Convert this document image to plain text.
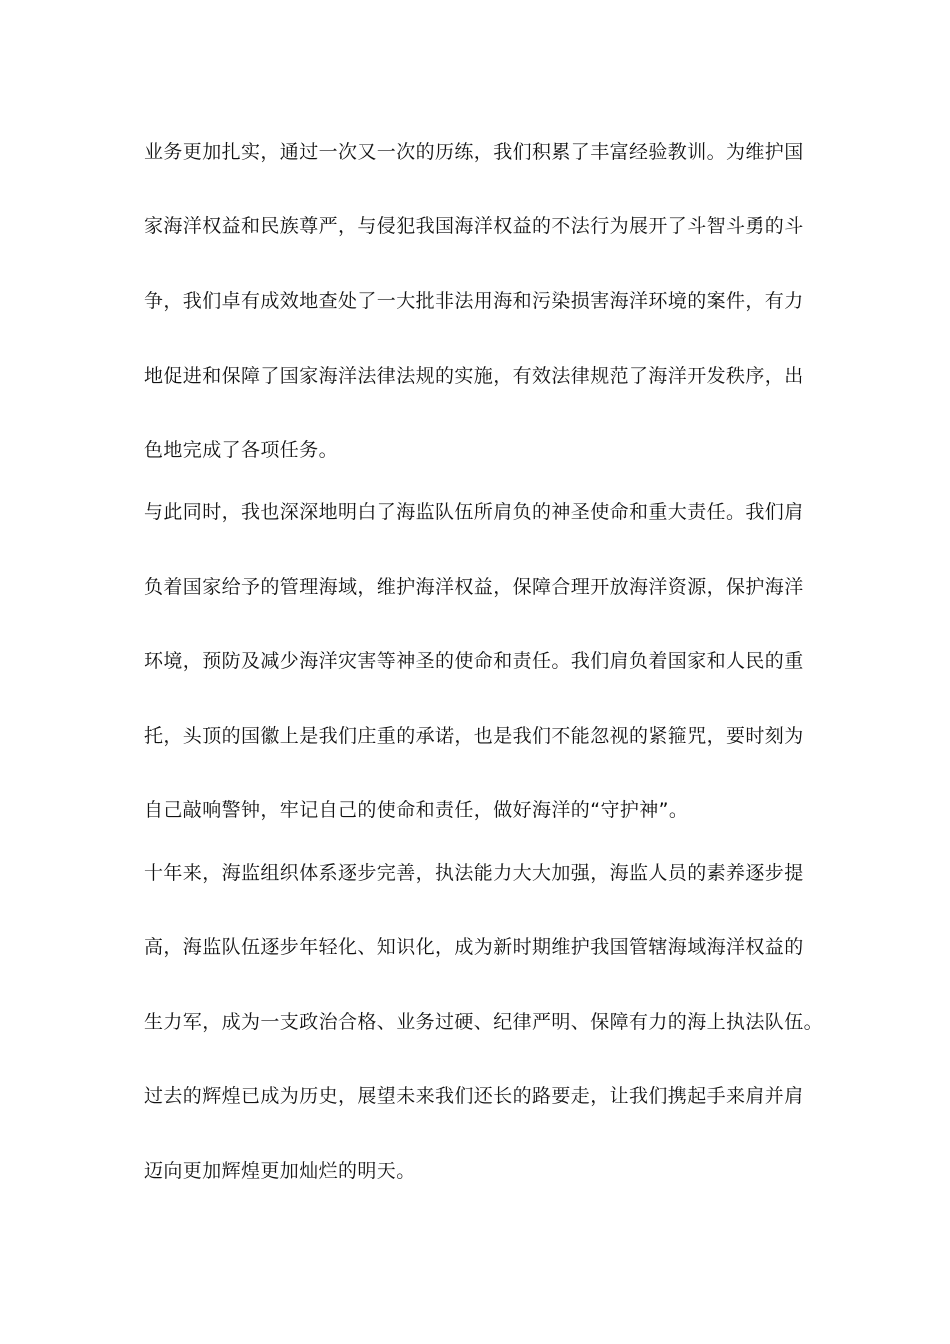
业务更加扎实，通过一次又一次的历练，我们积累了丰富经验教训。为维护国
家海洋权益和民族尊严，与侵犯我国海洋权益的不法行为展开了斗智斗勇的斗
争，我们卓有成效地查处了一大批非法用海和污染损害海洋环境的案件，有力
地促进和保障了国家海洋法律法规的实施，有效法律规范了海洋开发秩序，出
色地完成了各项任务。
与此同时，我也深深地明白了海监队伍所肩负的神圣使命和重大责任。我们肩
负着国家给予的管理海域，维护海洋权益，保障合理开放海洋资源，保护海洋
环境，预防及减少海洋灾害等神圣的使命和责任。我们肩负着国家和人民的重
托，头顶的国徽上是我们庄重的承诺，也是我们不能忽视的紧箍咒，要时刻为
自己敲响警钟，牢记自己的使命和责任，做好海洋的“守护神”。
十年来，海监组织体系逐步完善，执法能力大大加强，海监人员的素养逐步提
高，海监队伍逐步年轻化、知识化，成为新时期维护我国管辖海域海洋权益的
生力军，成为一支政治合格、业务过硬、纪律严明、保障有力的海上执法队伍。
过去的辉煌已成为历史，展望未来我们还长的路要走，让我们携起手来肩并肩
迈向更加辉煌更加灿烂的明天。
